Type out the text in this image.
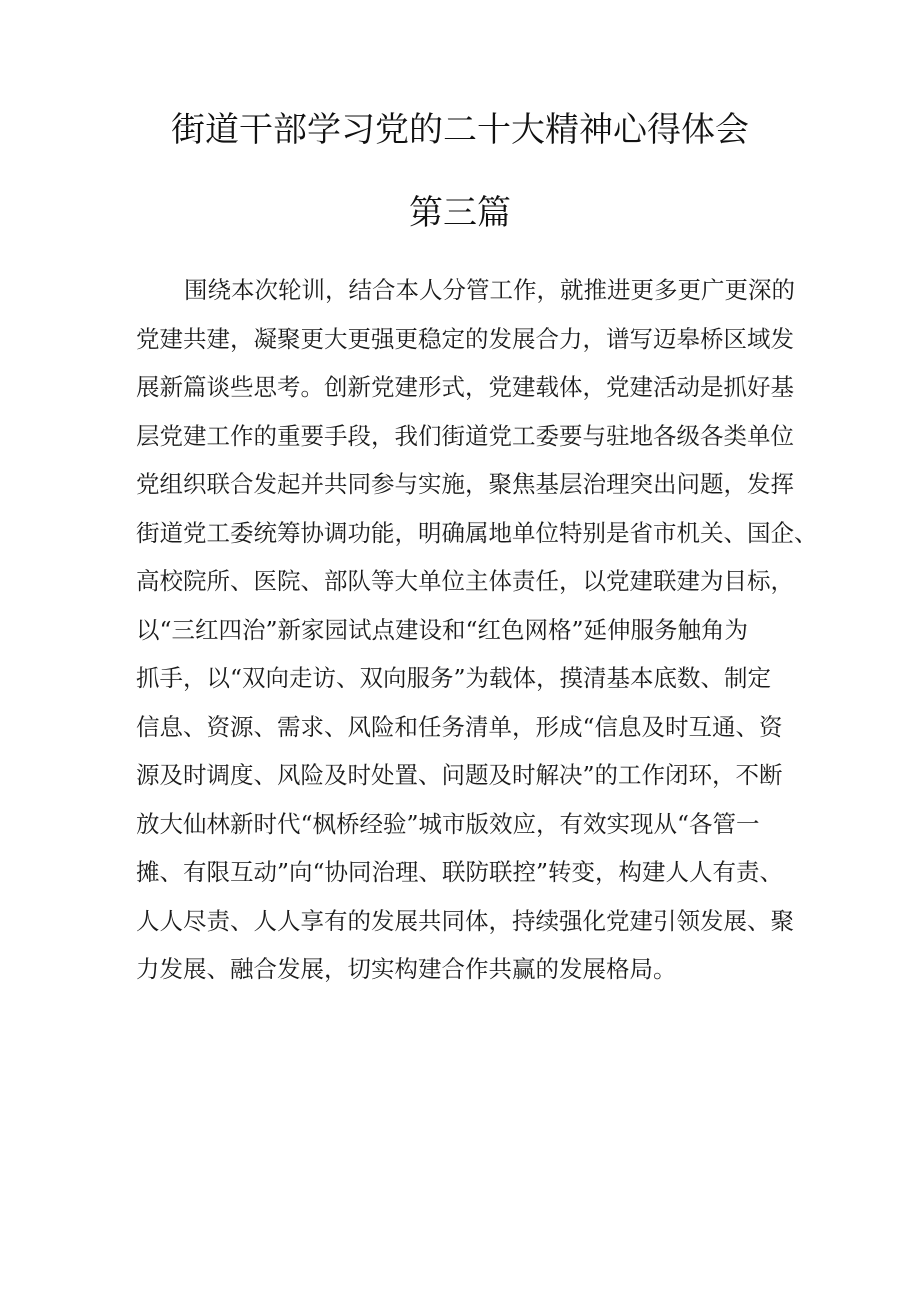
街道干部学习党的二十大精神心得体会
第三篇
围绕本次轮训，结合本人分管工作，就推进更多更广更深的
党建共建，凝聚更大更强更稳定的发展合力，谱写迈皋桥区域发
展新篇谈些思考。创新党建形式，党建载体，党建活动是抓好基
层党建工作的重要手段，我们街道党工委要与驻地各级各类单位
党组织联合发起并共同参与实施，聚焦基层治理突出问题，发挥
街道党工委统筹协调功能，明确属地单位特别是省市机关、国企、
高校院所、医院、部队等大单位主体责任，以党建联建为目标，
以“三红四治”新家园试点建设和“红色网格”延伸服务触角为
抓手，以“双向走访、双向服务”为载体，摸清基本底数、制定
信息、资源、需求、风险和任务清单，形成“信息及时互通、资
源及时调度、风险及时处置、问题及时解决”的工作闭环，不断
放大仙林新时代“枫桥经验”城市版效应，有效实现从“各管一
摊、有限互动”向“协同治理、联防联控”转变，构建人人有责、
人人尽责、人人享有的发展共同体，持续强化党建引领发展、聚
力发展、融合发展，切实构建合作共赢的发展格局。
